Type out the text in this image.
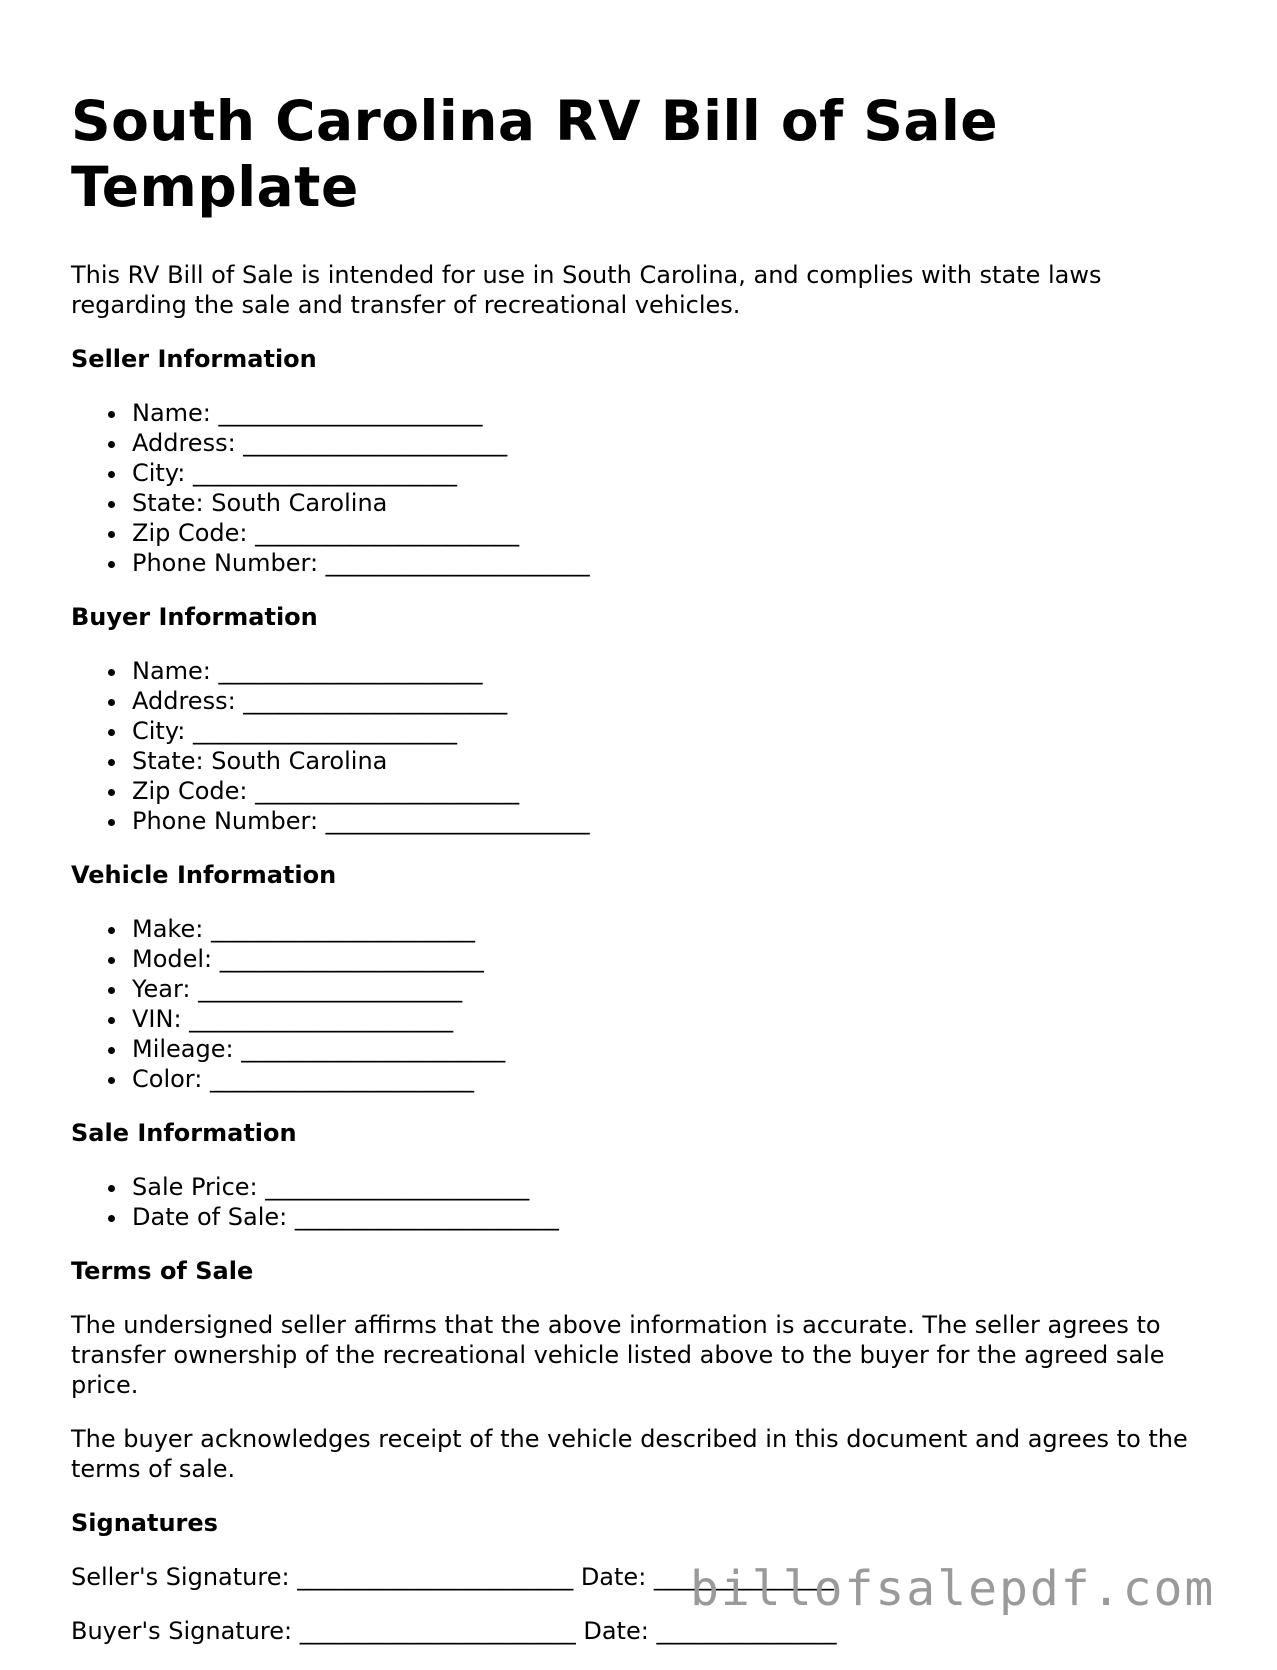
South Carolina RV Bill of Sale Template

This RV Bill of Sale is intended for use in South Carolina, and complies with state laws regarding the sale and transfer of recreational vehicles.

Seller Information
Name: ______________________
Address: ______________________
City: ______________________
State: South Carolina
Zip Code: ______________________
Phone Number: ______________________
Buyer Information
Name: ______________________
Address: ______________________
City: ______________________
State: South Carolina
Zip Code: ______________________
Phone Number: ______________________
Vehicle Information
Make: ______________________
Model: ______________________
Year: ______________________
VIN: ______________________
Mileage: ______________________
Color: ______________________
Sale Information
Sale Price: ______________________
Date of Sale: ______________________
Terms of Sale

The undersigned seller affirms that the above information is accurate. The seller agrees to transfer ownership of the recreational vehicle listed above to the buyer for the agreed sale price.

The buyer acknowledges receipt of the vehicle described in this document and agrees to the terms of sale.

Signatures
Seller's Signature: _______________________ Date: _______________
Buyer's Signature: _______________________ Date: _______________
billofsalepdf.com
